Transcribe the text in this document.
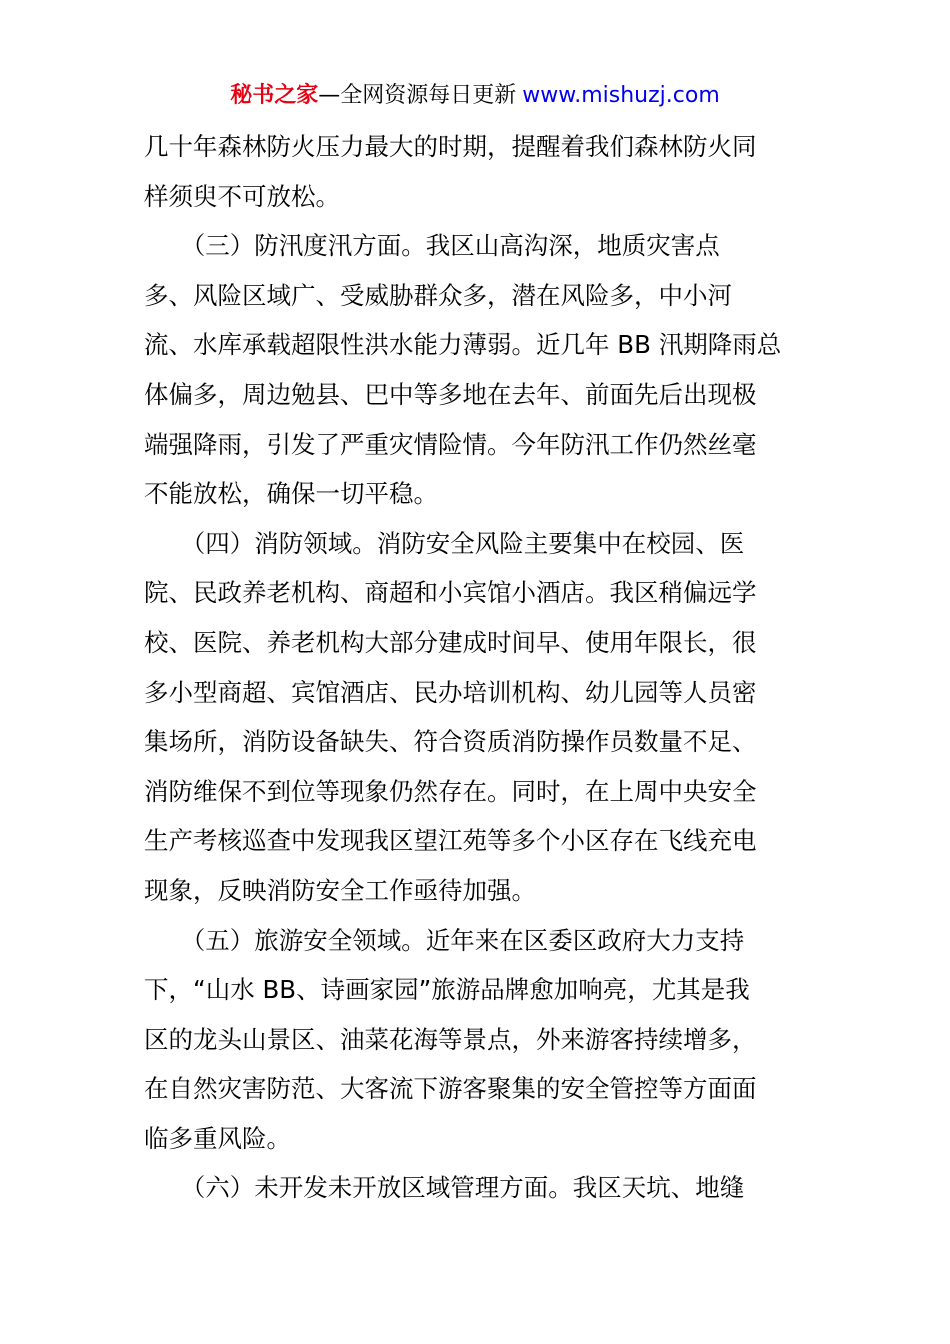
秘书之家—全网资源每日更新 www.mishuzj.com
几十年森林防火压力最大的时期，提醒着我们森林防火同
样须臾不可放松。
　　（三）防汛度汛方面。我区山高沟深，地质灾害点
多、风险区域广、受威胁群众多，潜在风险多，中小河
流、水库承载超限性洪水能力薄弱。近几年 BB 汛期降雨总
体偏多，周边勉县、巴中等多地在去年、前面先后出现极
端强降雨，引发了严重灾情险情。今年防汛工作仍然丝毫
不能放松，确保一切平稳。
　　（四）消防领域。消防安全风险主要集中在校园、医
院、民政养老机构、商超和小宾馆小酒店。我区稍偏远学
校、医院、养老机构大部分建成时间早、使用年限长，很
多小型商超、宾馆酒店、民办培训机构、幼儿园等人员密
集场所，消防设备缺失、符合资质消防操作员数量不足、
消防维保不到位等现象仍然存在。同时，在上周中央安全
生产考核巡查中发现我区望江苑等多个小区存在飞线充电
现象，反映消防安全工作亟待加强。
　　（五）旅游安全领域。近年来在区委区政府大力支持
下，“山水 BB、诗画家园”旅游品牌愈加响亮，尤其是我
区的龙头山景区、油菜花海等景点，外来游客持续增多，
在自然灾害防范、大客流下游客聚集的安全管控等方面面
临多重风险。
　　（六）未开发未开放区域管理方面。我区天坑、地缝
